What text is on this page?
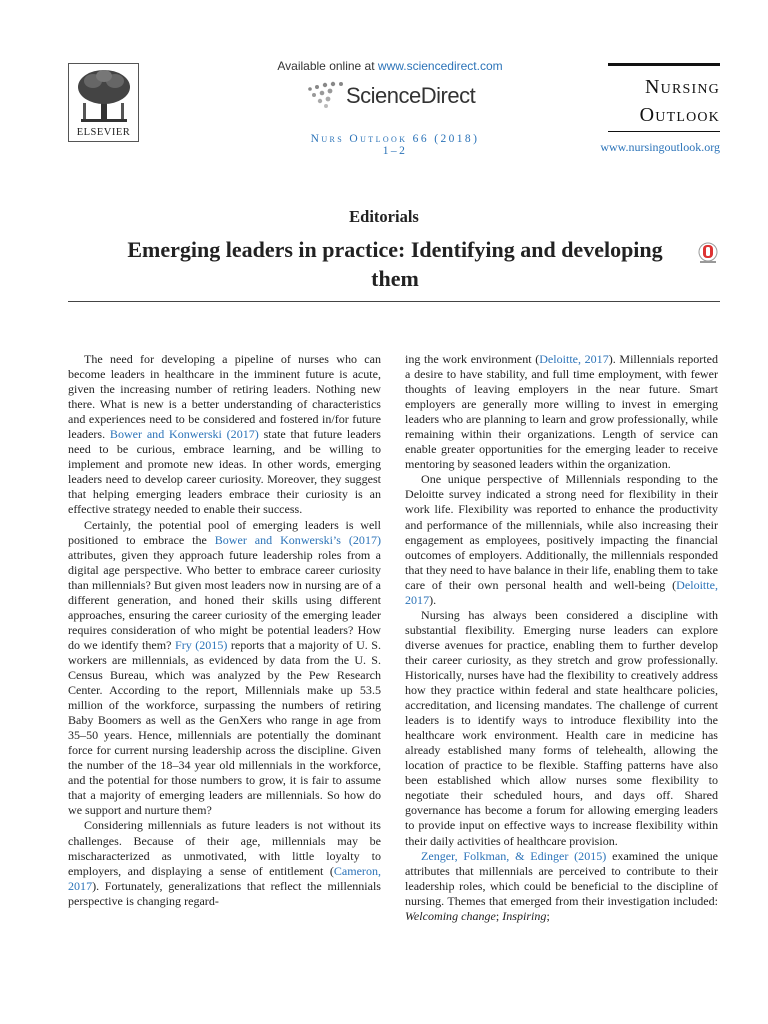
ELSEVIER
Available online at www.sciencedirect.com
ScienceDirect
Nurs Outlook 66 (2018) 1–2
Nursing
Outlook
www.nursingoutlook.org
Editorials
Emerging leaders in practice: Identifying and developing them

The need for developing a pipeline of nurses who can become leaders in healthcare in the imminent future is acute, given the increasing number of retiring leaders. Nothing new there. What is new is a better understanding of characteristics and experiences need to be considered and fostered in/for future leaders. Bower and Konwerski (2017) state that future leaders need to be curious, embrace learning, and be willing to implement and promote new ideas. In other words, emerging leaders need to develop career curiosity. Moreover, they suggest that helping emerging leaders embrace their curiosity is an effective strategy needed to enable their success.

Certainly, the potential pool of emerging leaders is well positioned to embrace the Bower and Konwerski’s (2017) attributes, given they approach future leadership roles from a digital age perspective. Who better to embrace career curiosity than millennials? But given most leaders now in nursing are of a different generation, and honed their skills using different approaches, ensuring the career curiosity of the emerging leader requires consideration of who might be potential leaders? How do we identify them? Fry (2015) reports that a majority of U. S. workers are millennials, as evidenced by data from the U. S. Census Bureau, which was analyzed by the Pew Research Center. According to the report, Millennials make up 53.5 million of the workforce, surpassing the numbers of retiring Baby Boomers as well as the GenXers who range in age from 35–50 years. Hence, millennials are potentially the dominant force for current nursing leadership across the discipline. Given the number of the 18–34 year old millennials in the workforce, and the potential for those numbers to grow, it is fair to assume that a majority of emerging leaders are millennials. So how do we support and nurture them?

Considering millennials as future leaders is not without its challenges. Because of their age, millennials may be mischaracterized as unmotivated, with little loyalty to employers, and displaying a sense of entitlement (Cameron, 2017). Fortunately, generalizations that reflect the millennials perspective is changing regard-

ing the work environment (Deloitte, 2017). Millennials reported a desire to have stability, and full time employment, with fewer thoughts of leaving employers in the near future. Smart employers are generally more willing to invest in emerging leaders who are planning to learn and grow professionally, while remaining within their organizations. Length of service can enable greater opportunities for the emerging leader to receive mentoring by seasoned leaders within the organization.

One unique perspective of Millennials responding to the Deloitte survey indicated a strong need for flexibility in their work life. Flexibility was reported to enhance the productivity and performance of the millennials, while also increasing their engagement as employees, positively impacting the financial outcomes of employers. Additionally, the millennials responded that they need to have balance in their life, enabling them to take care of their own personal health and well-being (Deloitte, 2017).

Nursing has always been considered a discipline with substantial flexibility. Emerging nurse leaders can explore diverse avenues for practice, enabling them to further develop their career curiosity, as they stretch and grow professionally. Historically, nurses have had the flexibility to creatively address how they practice within federal and state healthcare policies, accreditation, and licensing mandates. The challenge of current leaders is to identify ways to introduce flexibility into the healthcare work environment. Health care in medicine has already established many forms of telehealth, allowing the location of practice to be flexible. Staffing patterns have also been established which allow nurses some flexibility to negotiate their scheduled hours, and days off. Shared governance has become a forum for allowing emerging leaders to provide input on effective ways to increase flexibility within their daily activities of healthcare provision.

Zenger, Folkman, & Edinger (2015) examined the unique attributes that millennials are perceived to contribute to their leadership roles, which could be beneficial to the discipline of nursing. Themes that emerged from their investigation included: Welcoming change; Inspiring;
